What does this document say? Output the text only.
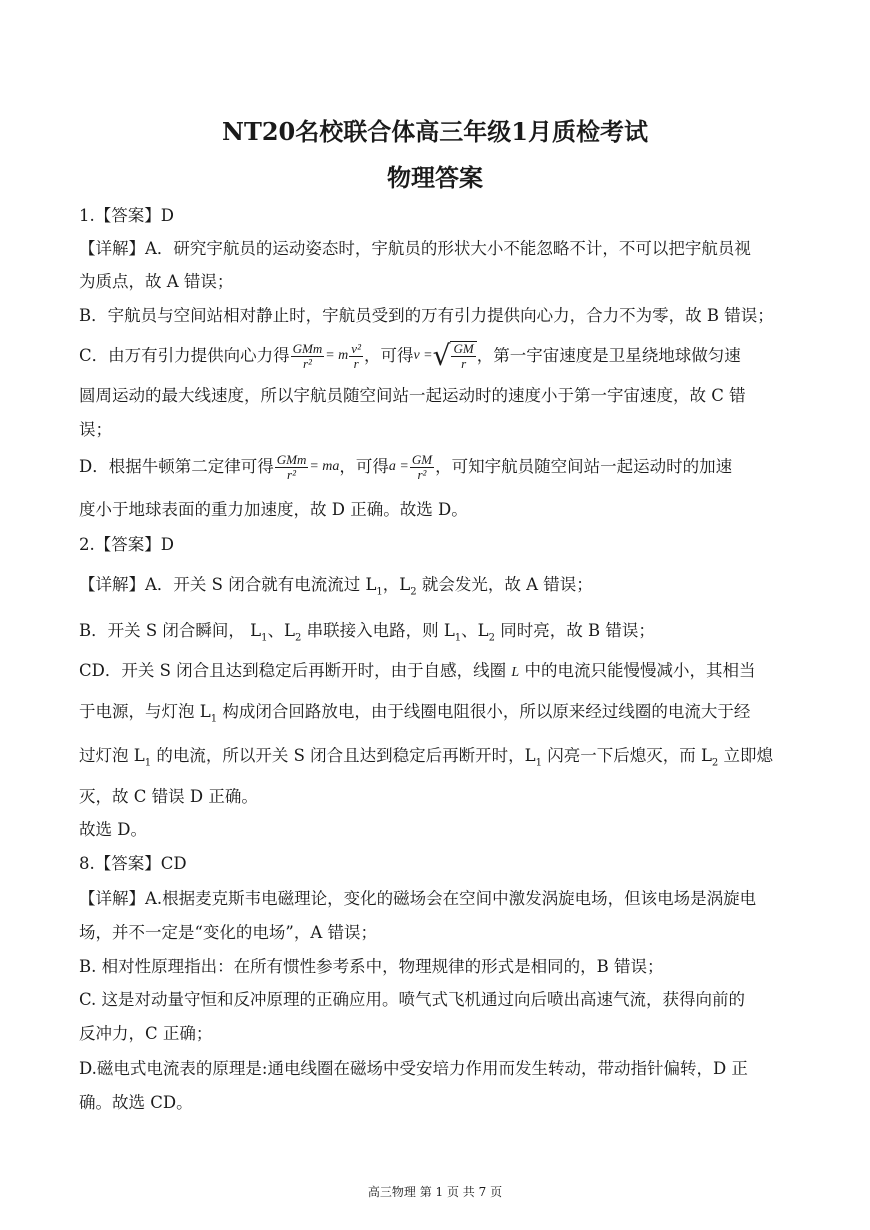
NT20名校联合体高三年级1月质检考试
物理答案
1.【答案】D
【详解】A．研究宇航员的运动姿态时，宇航员的形状大小不能忽略不计，不可以把宇航员视
为质点，故 A 错误；
B．宇航员与空间站相对静止时，宇航员受到的万有引力提供向心力，合力不为零，故 B 错误；
C．由万有引力提供向心力得 $\frac{\text{GMm}}{\text{r²}} = m \frac{\text{v²}}{r}$ ，可得 v = √ $\frac{GM}{r}$ ，第一宇宙速度是卫星绕地球做匀速
圆周运动的最大线速度，所以宇航员随空间站一起运动时的速度小于第一宇宙速度，故 C 错
误；
D．根据牛顿第二定律可得 $\frac{\text{GMm}}{\text{r²}}$ = ma ，可得 $a = \frac{GM}{\text{r²}}$ ，可知宇航员随空间站一起运动时的加速
度小于地球表面的重力加速度，故 D 正确。故选 D。
2.【答案】D
【详解】A．开关 S 闭合就有电流流过 $L_1$，$L_2$ 就会发光，故 A 错误；
B．开关 S 闭合瞬间， $L_1$、$L_2$ 串联接入电路，则 $L_1$、$L_2$ 同时亮，故 B 错误；
CD．开关 S 闭合且达到稳定后再断开时，由于自感，线圈 L 中的电流只能慢慢减小，其相当
于电源，与灯泡 $L_1$ 构成闭合回路放电，由于线圈电阻很小，所以原来经过线圈的电流大于经
过灯泡 $L_1$ 的电流，所以开关 S 闭合且达到稳定后再断开时，$L_1$ 闪亮一下后熄灭，而 $L_2$ 立即熄
灭，故 C 错误 D 正确。
故选 D。
8.【答案】CD
【详解】A.根据麦克斯韦电磁理论，变化的磁场会在空间中激发涡旋电场，但该电场是涡旋电
场，并不一定是“变化的电场”，A 错误；
B. 相对性原理指出：在所有惯性参考系中，物理规律的形式是相同的，B 错误；
C. 这是对动量守恒和反冲原理的正确应用。喷气式飞机通过向后喷出高速气流，获得向前的
反冲力，C 正确；
D.磁电式电流表的原理是:通电线圈在磁场中受安培力作用而发生转动，带动指针偏转，D 正
确。故选 CD。
高三物理 第 1 页 共 7 页
